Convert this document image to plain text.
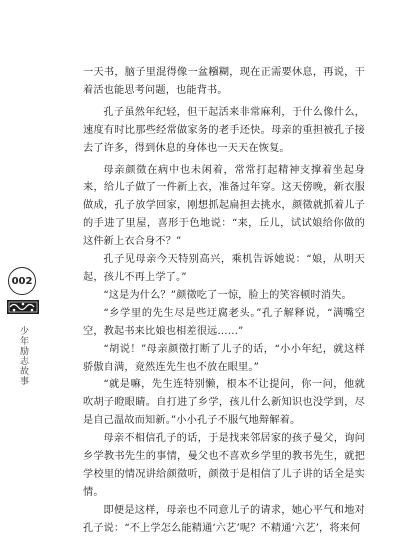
一天书，脑子里混得像一盆糨糊，现在正需要休息，再说，干着活也能思考问题，也能背书。

孔子虽然年纪轻，但干起活来非常麻利，于什么像什么，速度有时比那些经常做家务的老手还快。母亲的重担被孔子接去了许多，得到休息的身体也一天天在恢复。

母亲颜徵在病中也未闲着，常常打起精神支撑着坐起身来，给儿子做了一件新上衣，准备过年穿。这天傍晚，新衣服做成，孔子放学回家，刚想抓起扁担去挑水，颜徵就抓着儿子的手进了里屋，喜形于色地说：“来，丘儿，试试娘给你做的这件新上衣合身不？”

孔子见母亲今天特别高兴，乘机告诉她说：“娘，从明天起，孩儿不再上学了。”

“这是为什么？”颜徵吃了一惊，脸上的笑容顿时消失。

“乡学里的先生尽是些迂腐老头。”孔子解释说，“满嘴空空，教起书来比娘也相差很远……”

“胡说！”母亲颜徵打断了儿子的话，“小小年纪，就这样骄傲自满，竟然连先生也不放在眼里。”

“就是嘛，先生连特别懒，根本不让提问，你一问，他就吹胡子瞪眼睛。自打进了乡学，孩儿什么新知识也没学到，尽是自己温故而知新。”小小孔子不服气地辩解着。

母亲不相信孔子的话，于是找来邻居家的孩子曼父，询问乡学教书先生的事情，曼父也不喜欢乡学里的教书先生，就把学校里的情况讲给颜徵听，颜徵于是相信了儿子讲的话全是实情。

即便是这样，母亲也不同意儿子的请求，她心平气和地对孔子说：“不上学怎么能精通‘六艺’呢？不精通‘六艺’，将来何

002
少年励志故事
